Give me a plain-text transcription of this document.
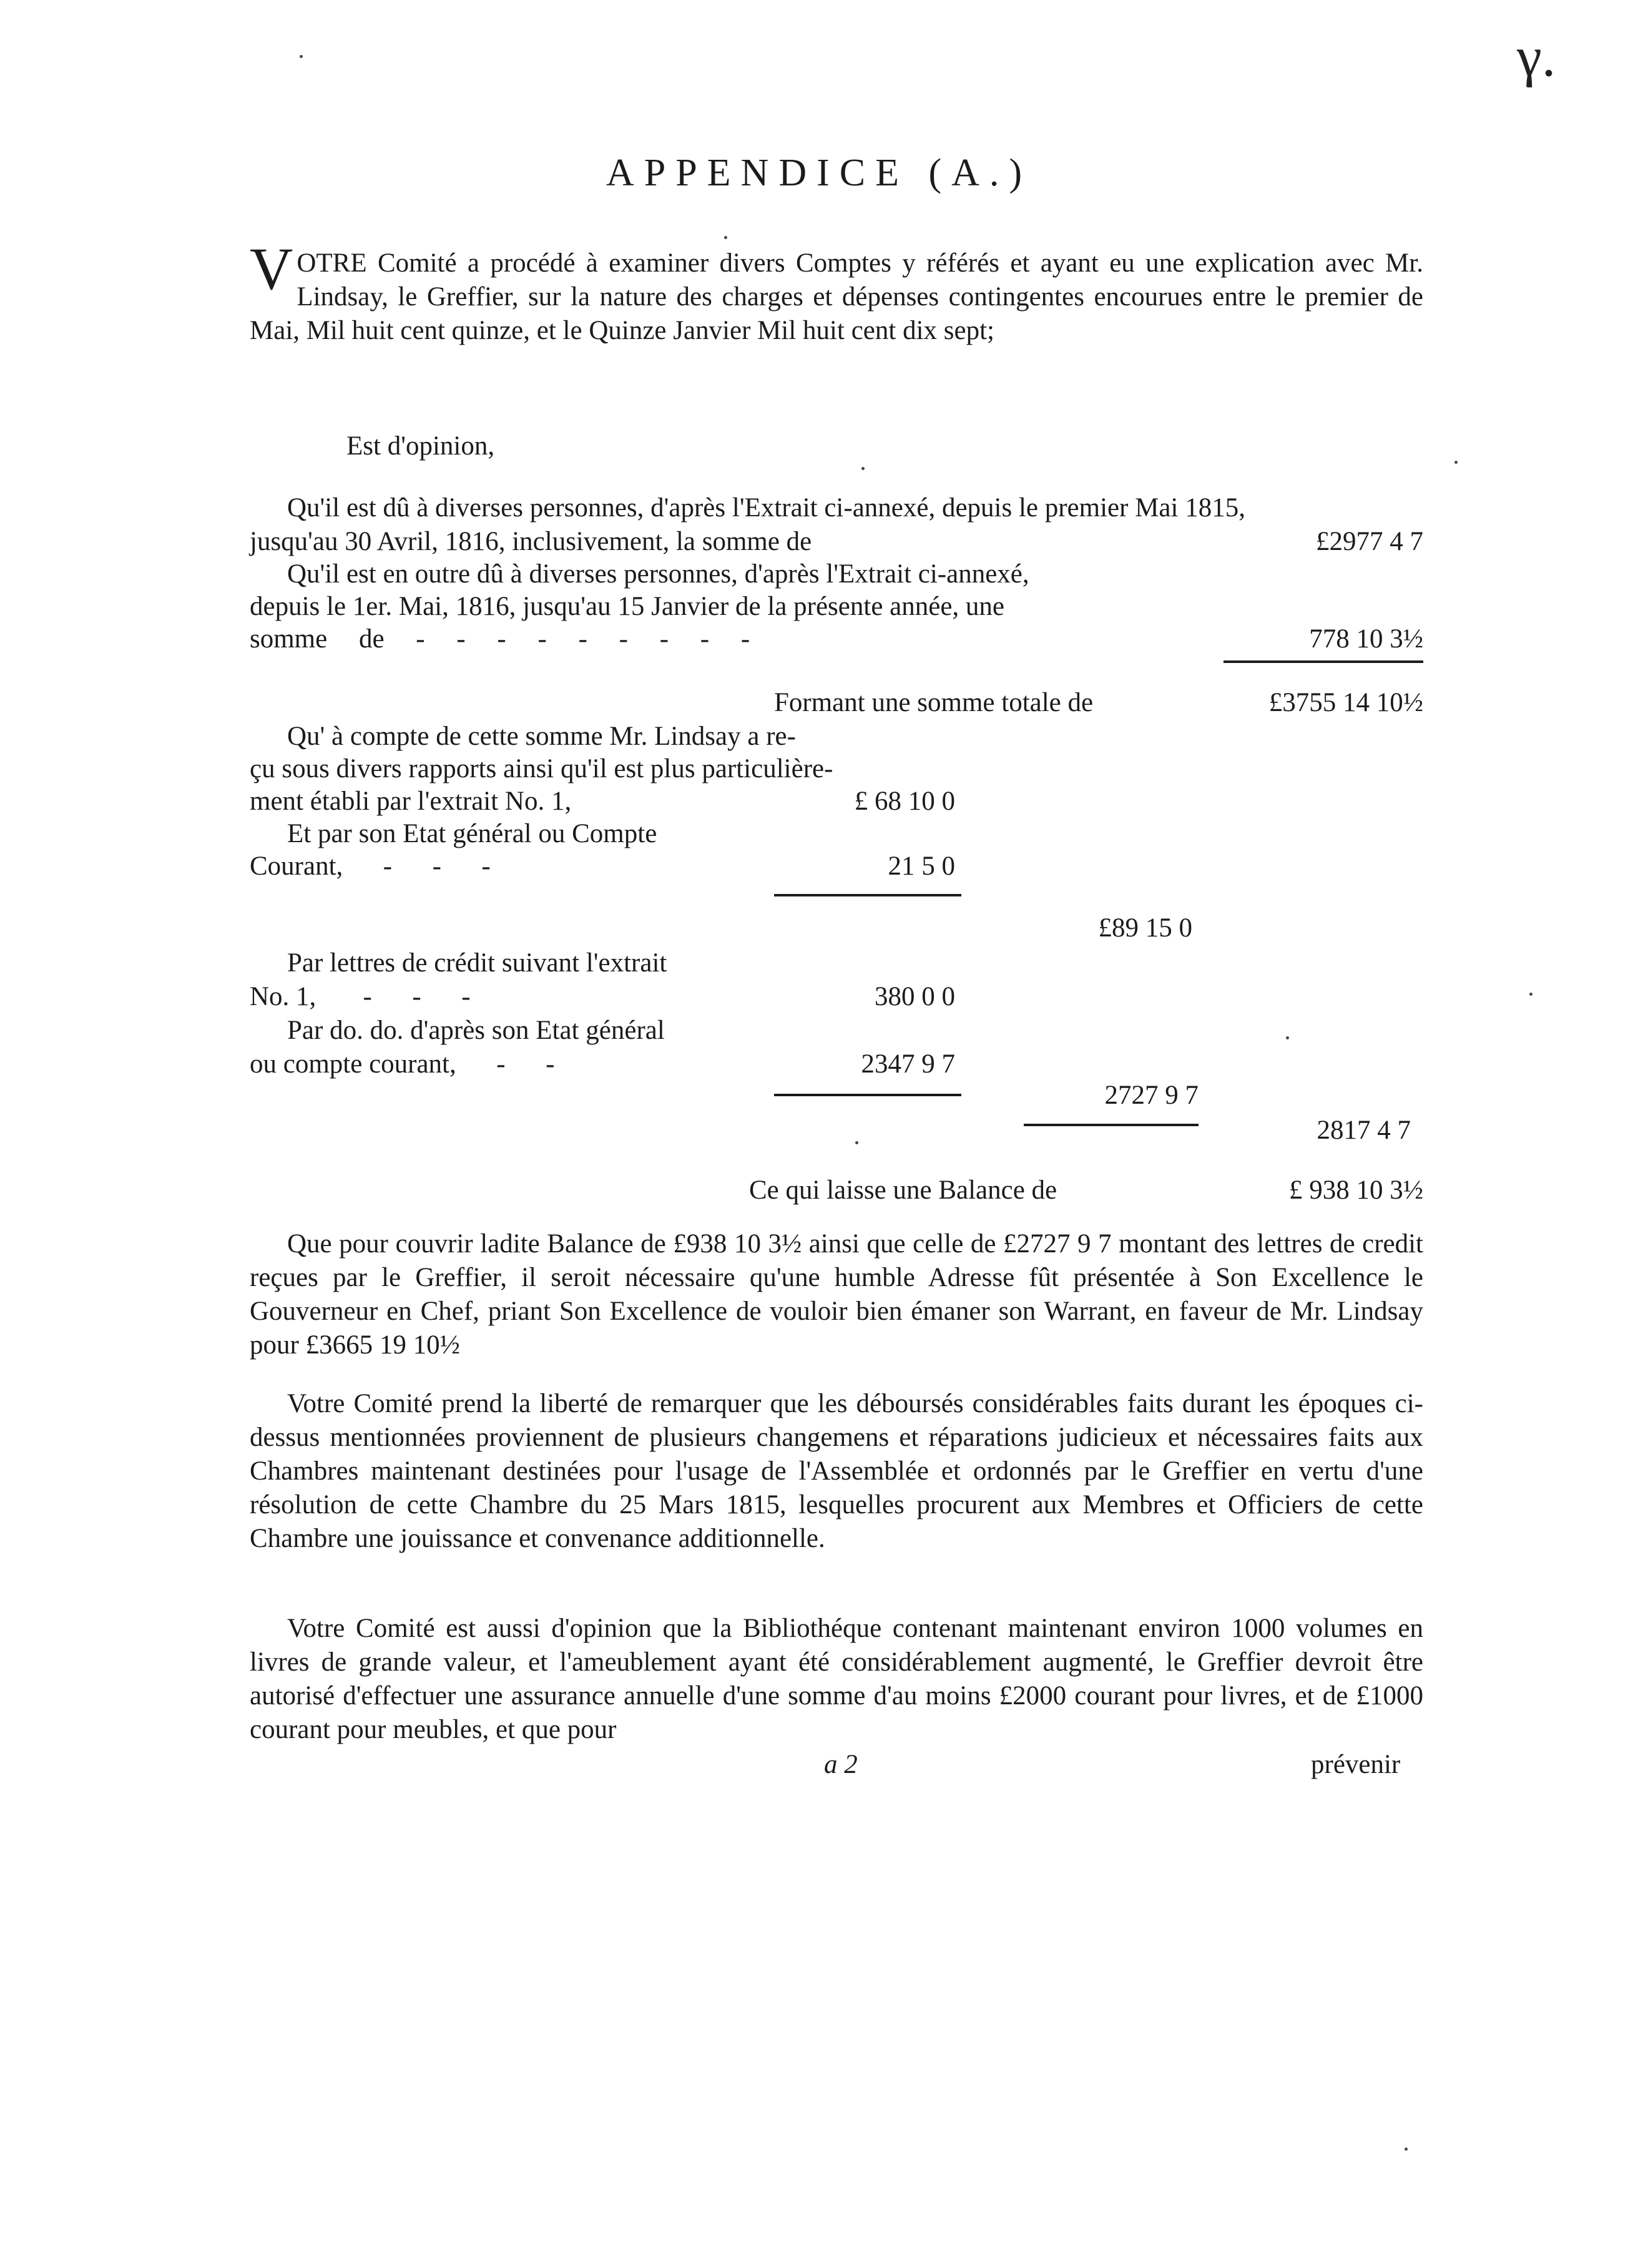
γ.
APPENDICE (A.)
VOTRE Comité a procédé à examiner divers Comptes y référés et ayant eu une explication avec Mr. Lindsay, le Greffier, sur la nature des charges et dépenses contingentes encourues entre le premier de Mai, Mil huit cent quinze, et le Quinze Janvier Mil huit cent dix sept;
Est d'opinion,
Qu'il est dû à diverses personnes, d'après l'Extrait ci-annexé, depuis le premier Mai 1815,
jusqu'au 30 Avril, 1816, inclusivement, la somme de	£2977 4 7
Qu'il est en outre dû à diverses personnes, d'après l'Extrait ci-annexé,
depuis le 1er. Mai, 1816, jusqu'au 15 Janvier de la présente année, une
somme de - - - - - - - - -	778 10 3½
Formant une somme totale de	£3755 14 10½
Qu' à compte de cette somme Mr. Lindsay a re-
çu sous divers rapports ainsi qu'il est plus particulière-
ment établi par l'extrait No. 1,	£ 68 10 0
Et par son Etat général ou Compte
Courant,      -      -      -	21 5 0
£89 15 0
Par lettres de crédit suivant l'extrait
No. 1,       -      -      -	380 0 0
Par do. do. d'après son Etat général
ou compte courant,      -      -	2347 9 7
2727 9 7
2817 4 7
Ce qui laisse une Balance de	£ 938 10 3½
Que pour couvrir ladite Balance de £938 10 3½ ainsi que celle de £2727 9 7 montant des lettres de credit reçues par le Greffier, il seroit nécessaire qu'une humble Adresse fût présentée à Son Excellence le Gouverneur en Chef, priant Son Excellence de vouloir bien émaner son Warrant, en faveur de Mr. Lindsay pour £3665 19 10½
Votre Comité prend la liberté de remarquer que les déboursés considérables faits durant les époques ci-dessus mentionnées proviennent de plusieurs changemens et réparations judicieux et nécessaires faits aux Chambres maintenant destinées pour l'usage de l'Assemblée et ordonnés par le Greffier en vertu d'une résolution de cette Chambre du 25 Mars 1815, lesquelles procurent aux Membres et Officiers de cette Chambre une jouissance et convenance additionnelle.
Votre Comité est aussi d'opinion que la Bibliothéque contenant maintenant environ 1000 volumes en livres de grande valeur, et l'ameublement ayant été considérablement augmenté, le Greffier devroit être autorisé d'effectuer une assurance annuelle d'une somme d'au moins £2000 courant pour livres, et de £1000 courant pour meubles, et que pour
a 2	prévenir
